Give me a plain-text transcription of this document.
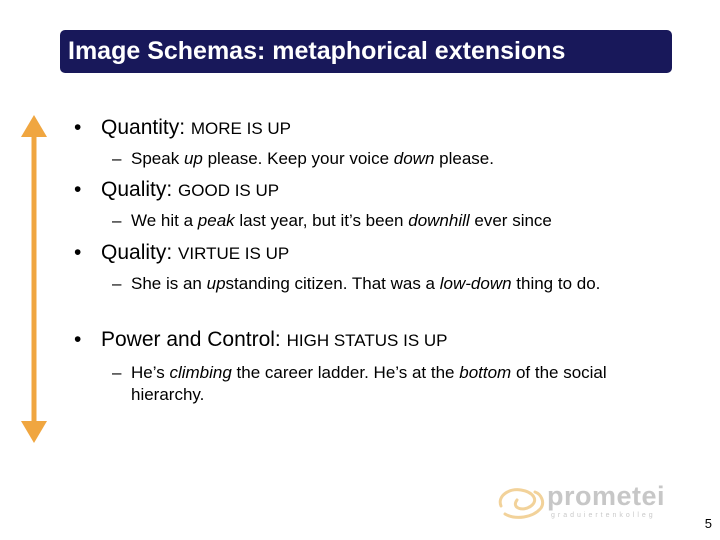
Image Schemas: metaphorical extensions
• Quantity: MORE IS UP
– Speak up please. Keep your voice down please.
• Quality: GOOD IS UP
– We hit a peak last year, but it’s been downhill ever since
• Quality: VIRTUE IS UP
– She is an upstanding citizen. That was a low-down thing to do.
• Power and Control: HIGH STATUS IS UP
– He’s climbing the career ladder. He’s at the bottom of the social hierarchy.
prometei
graduiertenkolleg
5
